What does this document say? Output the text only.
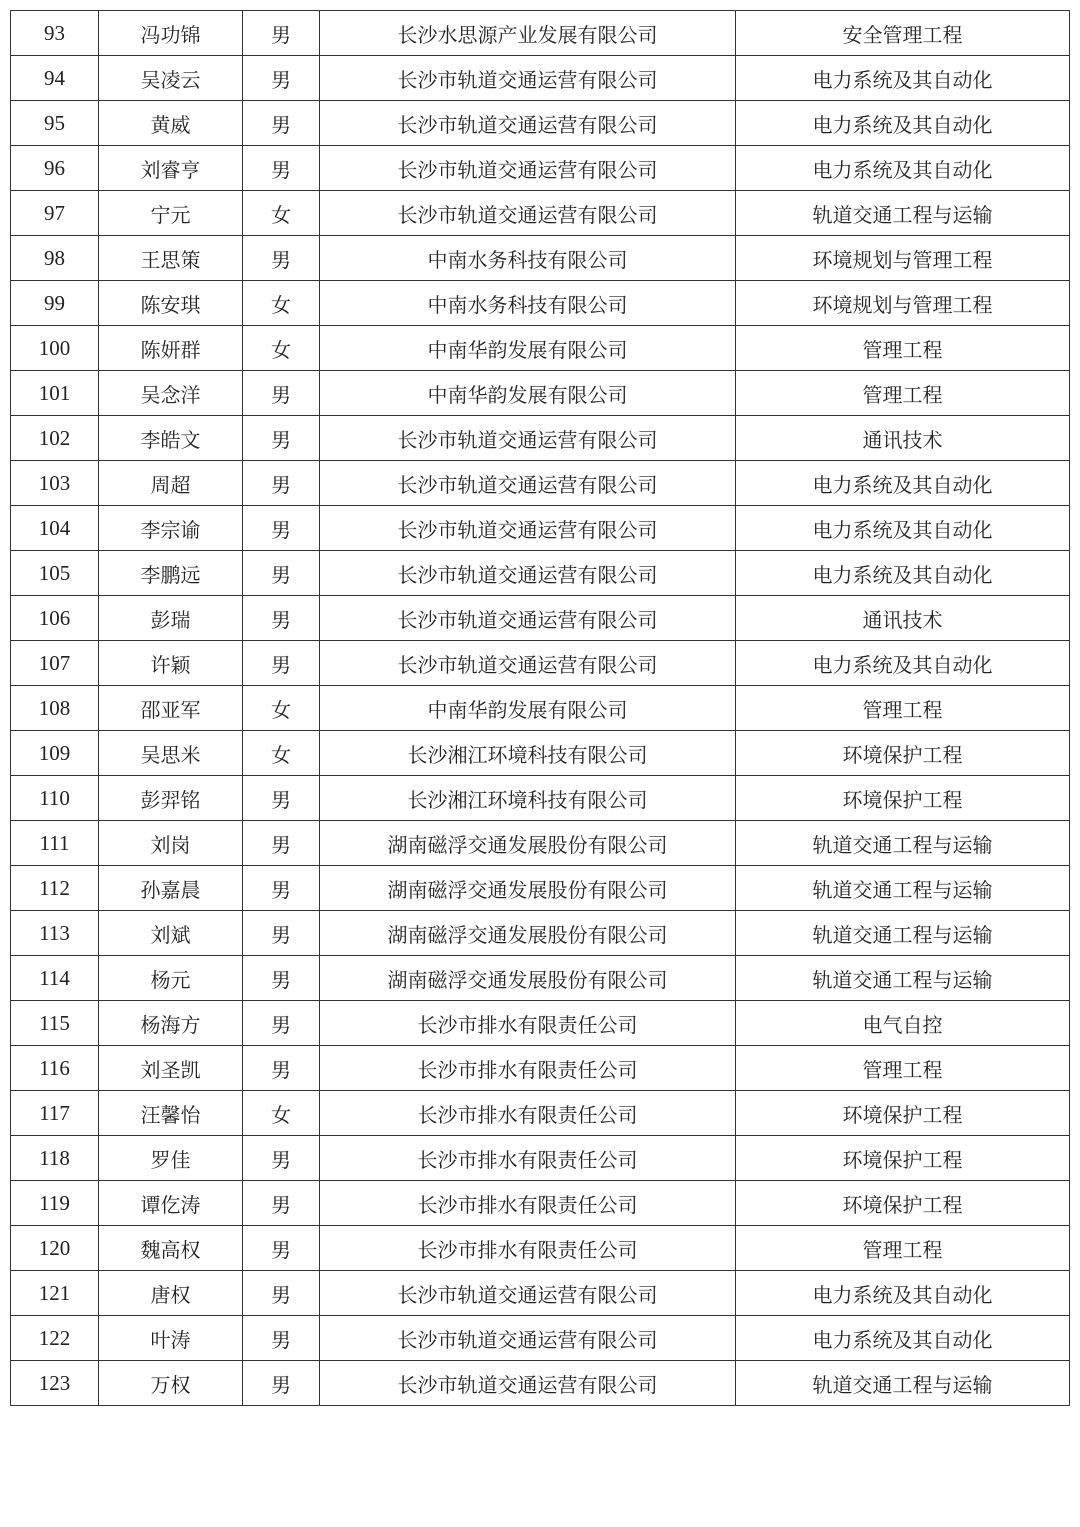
93	冯功锦	男	长沙水思源产业发展有限公司	安全管理工程
94	吴凌云	男	长沙市轨道交通运营有限公司	电力系统及其自动化
95	黄威	男	长沙市轨道交通运营有限公司	电力系统及其自动化
96	刘睿亨	男	长沙市轨道交通运营有限公司	电力系统及其自动化
97	宁元	女	长沙市轨道交通运营有限公司	轨道交通工程与运输
98	王思策	男	中南水务科技有限公司	环境规划与管理工程
99	陈安琪	女	中南水务科技有限公司	环境规划与管理工程
100	陈妍群	女	中南华韵发展有限公司	管理工程
101	吴念洋	男	中南华韵发展有限公司	管理工程
102	李皓文	男	长沙市轨道交通运营有限公司	通讯技术
103	周超	男	长沙市轨道交通运营有限公司	电力系统及其自动化
104	李宗谕	男	长沙市轨道交通运营有限公司	电力系统及其自动化
105	李鹏远	男	长沙市轨道交通运营有限公司	电力系统及其自动化
106	彭瑞	男	长沙市轨道交通运营有限公司	通讯技术
107	许颖	男	长沙市轨道交通运营有限公司	电力系统及其自动化
108	邵亚军	女	中南华韵发展有限公司	管理工程
109	吴思米	女	长沙湘江环境科技有限公司	环境保护工程
110	彭羿铭	男	长沙湘江环境科技有限公司	环境保护工程
111	刘岗	男	湖南磁浮交通发展股份有限公司	轨道交通工程与运输
112	孙嘉晨	男	湖南磁浮交通发展股份有限公司	轨道交通工程与运输
113	刘斌	男	湖南磁浮交通发展股份有限公司	轨道交通工程与运输
114	杨元	男	湖南磁浮交通发展股份有限公司	轨道交通工程与运输
115	杨海方	男	长沙市排水有限责任公司	电气自控
116	刘圣凯	男	长沙市排水有限责任公司	管理工程
117	汪馨怡	女	长沙市排水有限责任公司	环境保护工程
118	罗佳	男	长沙市排水有限责任公司	环境保护工程
119	谭仡涛	男	长沙市排水有限责任公司	环境保护工程
120	魏高权	男	长沙市排水有限责任公司	管理工程
121	唐权	男	长沙市轨道交通运营有限公司	电力系统及其自动化
122	叶涛	男	长沙市轨道交通运营有限公司	电力系统及其自动化
123	万权	男	长沙市轨道交通运营有限公司	轨道交通工程与运输
